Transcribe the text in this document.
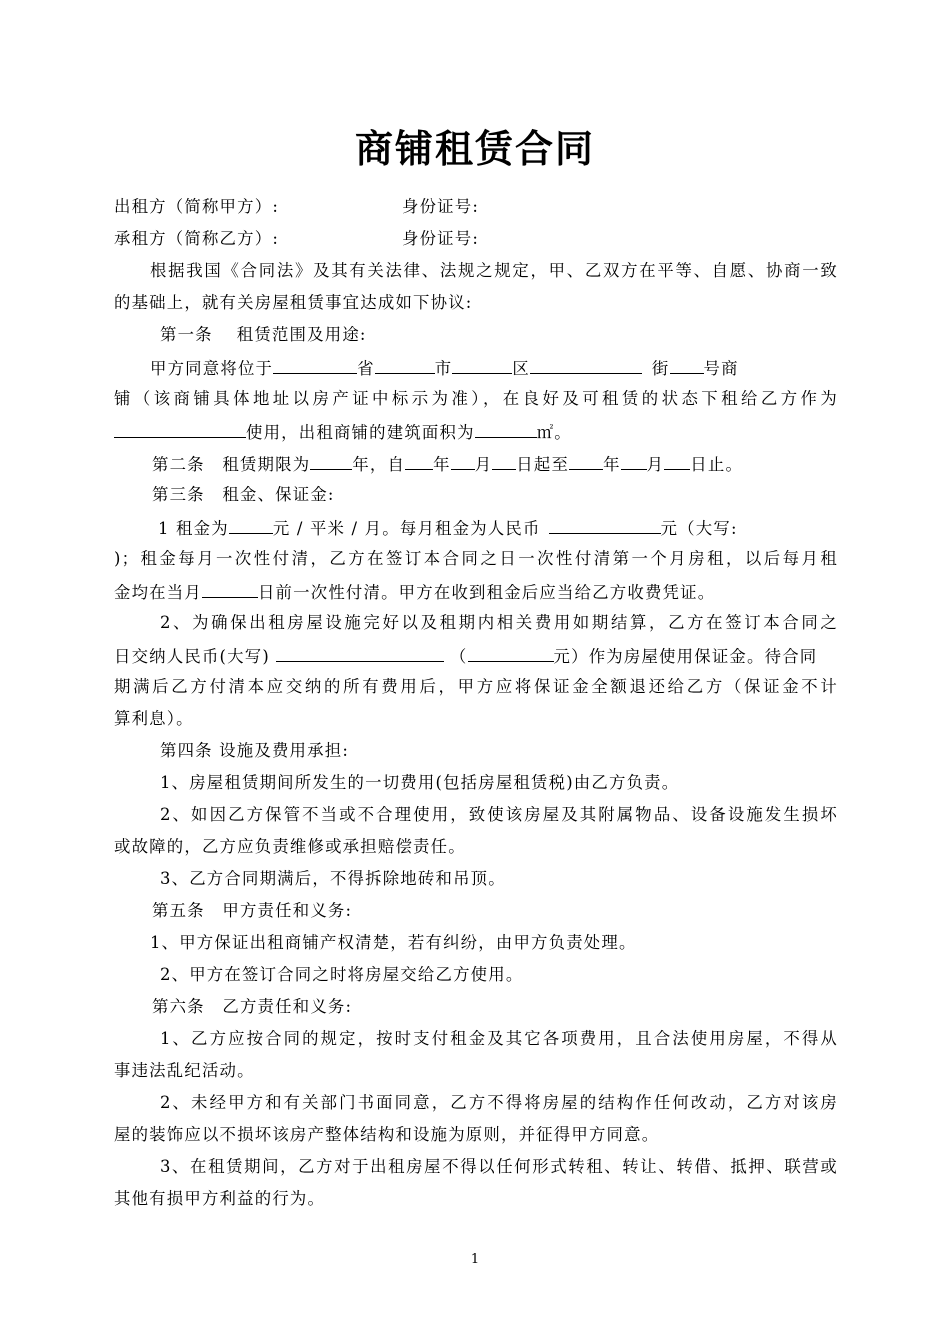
商铺租赁合同
出租方（简称甲方）:	身份证号:
承租方（简称乙方）:	身份证号:
根据我国《合同法》及其有关法律、法规之规定，甲、乙双方在平等、自愿、协商一致
的基础上，就有关房屋租赁事宜达成如下协议:
第一条　 租赁范围及用途:
甲方同意将位于	省	市	区	街 号商
铺（该商铺具体地址以房产证中标示为准），在良好及可租赁的状态下租给乙方作为
使用，出租商铺的建筑面积为	㎡。
第二条　租赁期限为	年，自 年 月 日起至 年 月 日止。
第三条　租金、保证金:
1 租金为	元 / 平米 / 月。每月租金为人民币	元（大写:
)；租金每月一次性付清，乙方在签订本合同之日一次性付清第一个月房租，以后每月租
金均在当月	日前一次性付清。甲方在收到租金后应当给乙方收费凭证。
2、为确保出租房屋设施完好以及租期内相关费用如期结算，乙方在签订本合同之
日交纳人民币(大写)	（	元）作为房屋使用保证金。待合同
期满后乙方付清本应交纳的所有费用后，甲方应将保证金全额退还给乙方（保证金不计
算利息）。
第四条 设施及费用承担:
1、房屋租赁期间所发生的一切费用(包括房屋租赁税)由乙方负责。
2、如因乙方保管不当或不合理使用，致使该房屋及其附属物品、设备设施发生损坏
或故障的，乙方应负责维修或承担赔偿责任。
3、乙方合同期满后，不得拆除地砖和吊顶。
第五条　甲方责任和义务:
1、甲方保证出租商铺产权清楚，若有纠纷，由甲方负责处理。
2、甲方在签订合同之时将房屋交给乙方使用。
第六条　乙方责任和义务:
1、乙方应按合同的规定，按时支付租金及其它各项费用，且合法使用房屋，不得从
事违法乱纪活动。
2、未经甲方和有关部门书面同意，乙方不得将房屋的结构作任何改动，乙方对该房
屋的装饰应以不损坏该房产整体结构和设施为原则，并征得甲方同意。
3、在租赁期间，乙方对于出租房屋不得以任何形式转租、转让、转借、抵押、联营或
其他有损甲方利益的行为。
1
